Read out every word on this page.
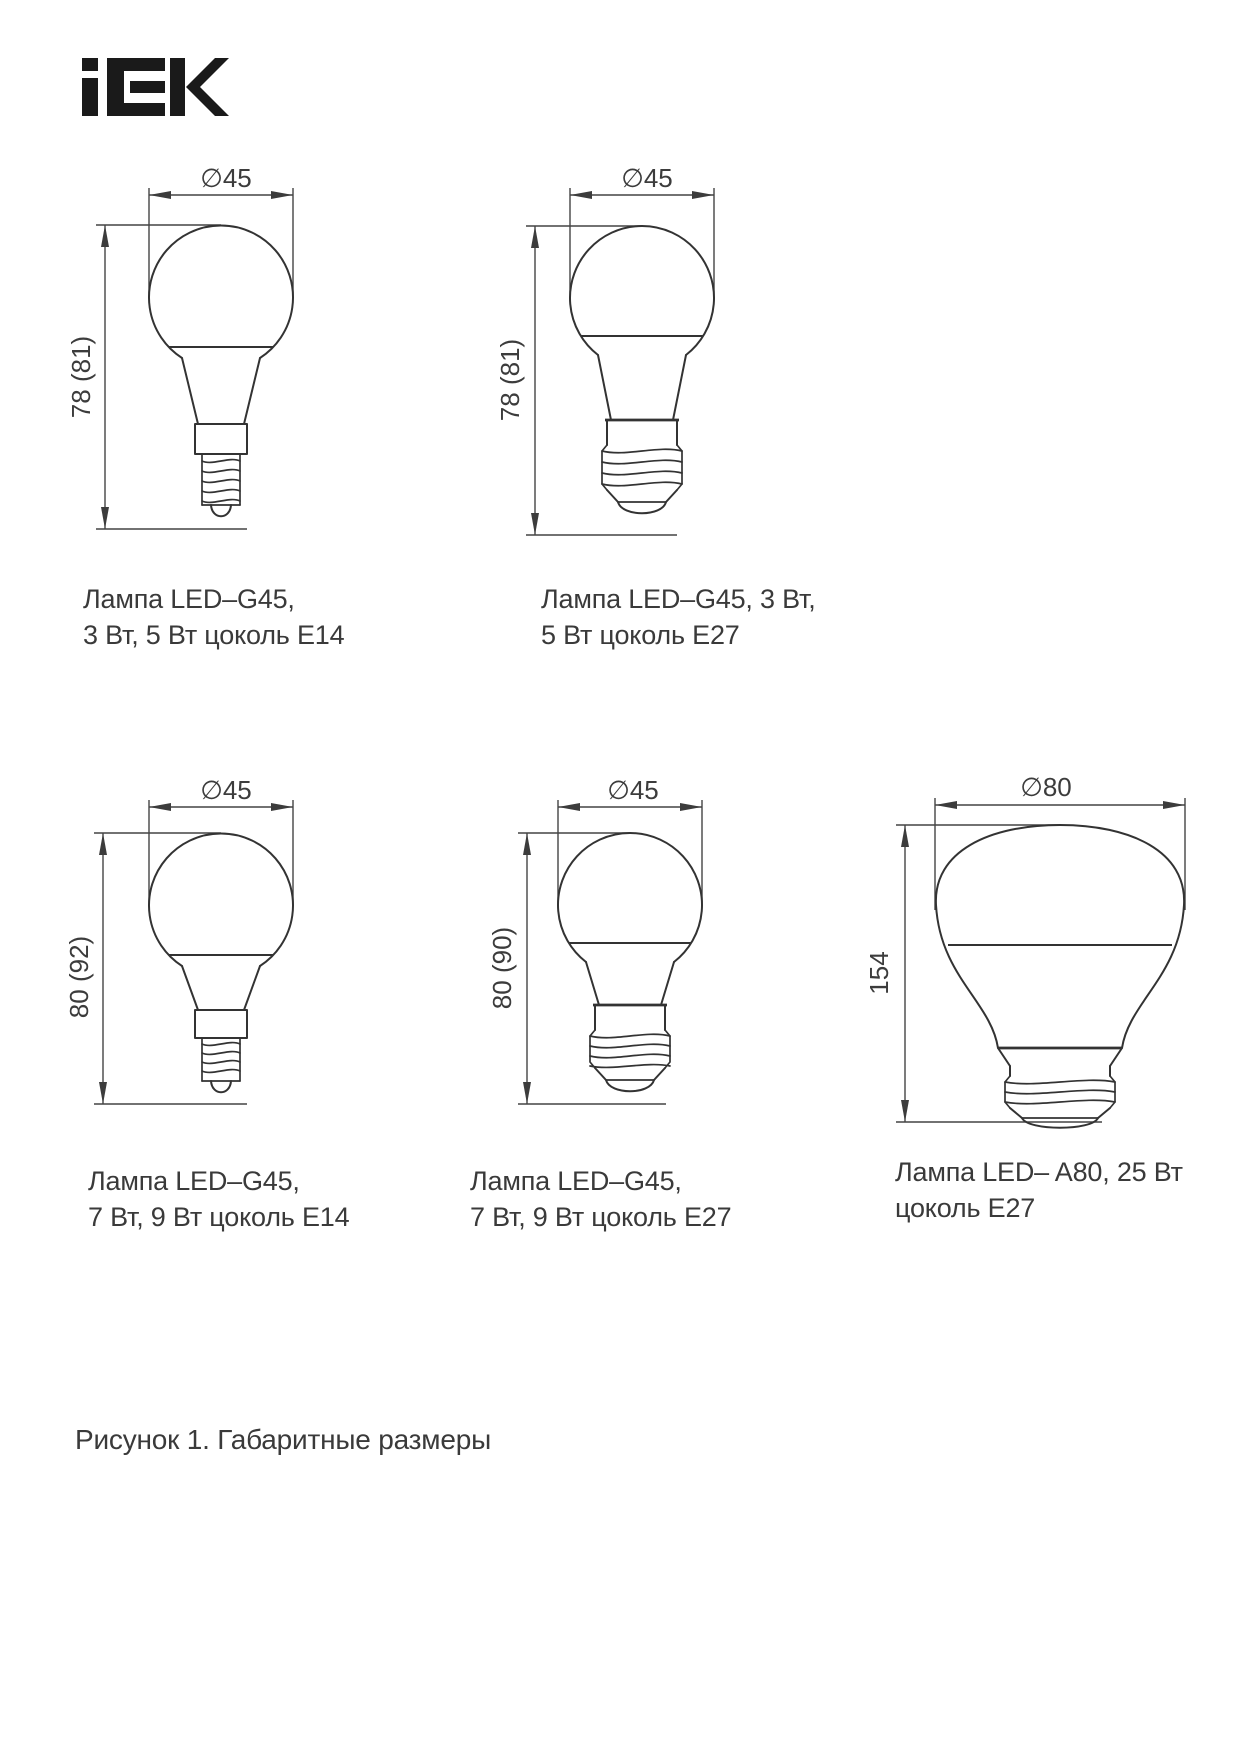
∅45
78 (81)
∅45
78 (81)
∅45
80 (92)
∅45
80 (90)
∅80
154
Лампа LED–G45,
3 Вт, 5 Вт цоколь E14
Лампа LED–G45, 3 Вт,
5 Вт цоколь E27
Лампа LED–G45,
7 Вт, 9 Вт цоколь E14
Лампа LED–G45,
7 Вт, 9 Вт цоколь E27
Лампа LED– A80, 25 Вт
цоколь E27
Рисунок 1. Габаритные размеры
